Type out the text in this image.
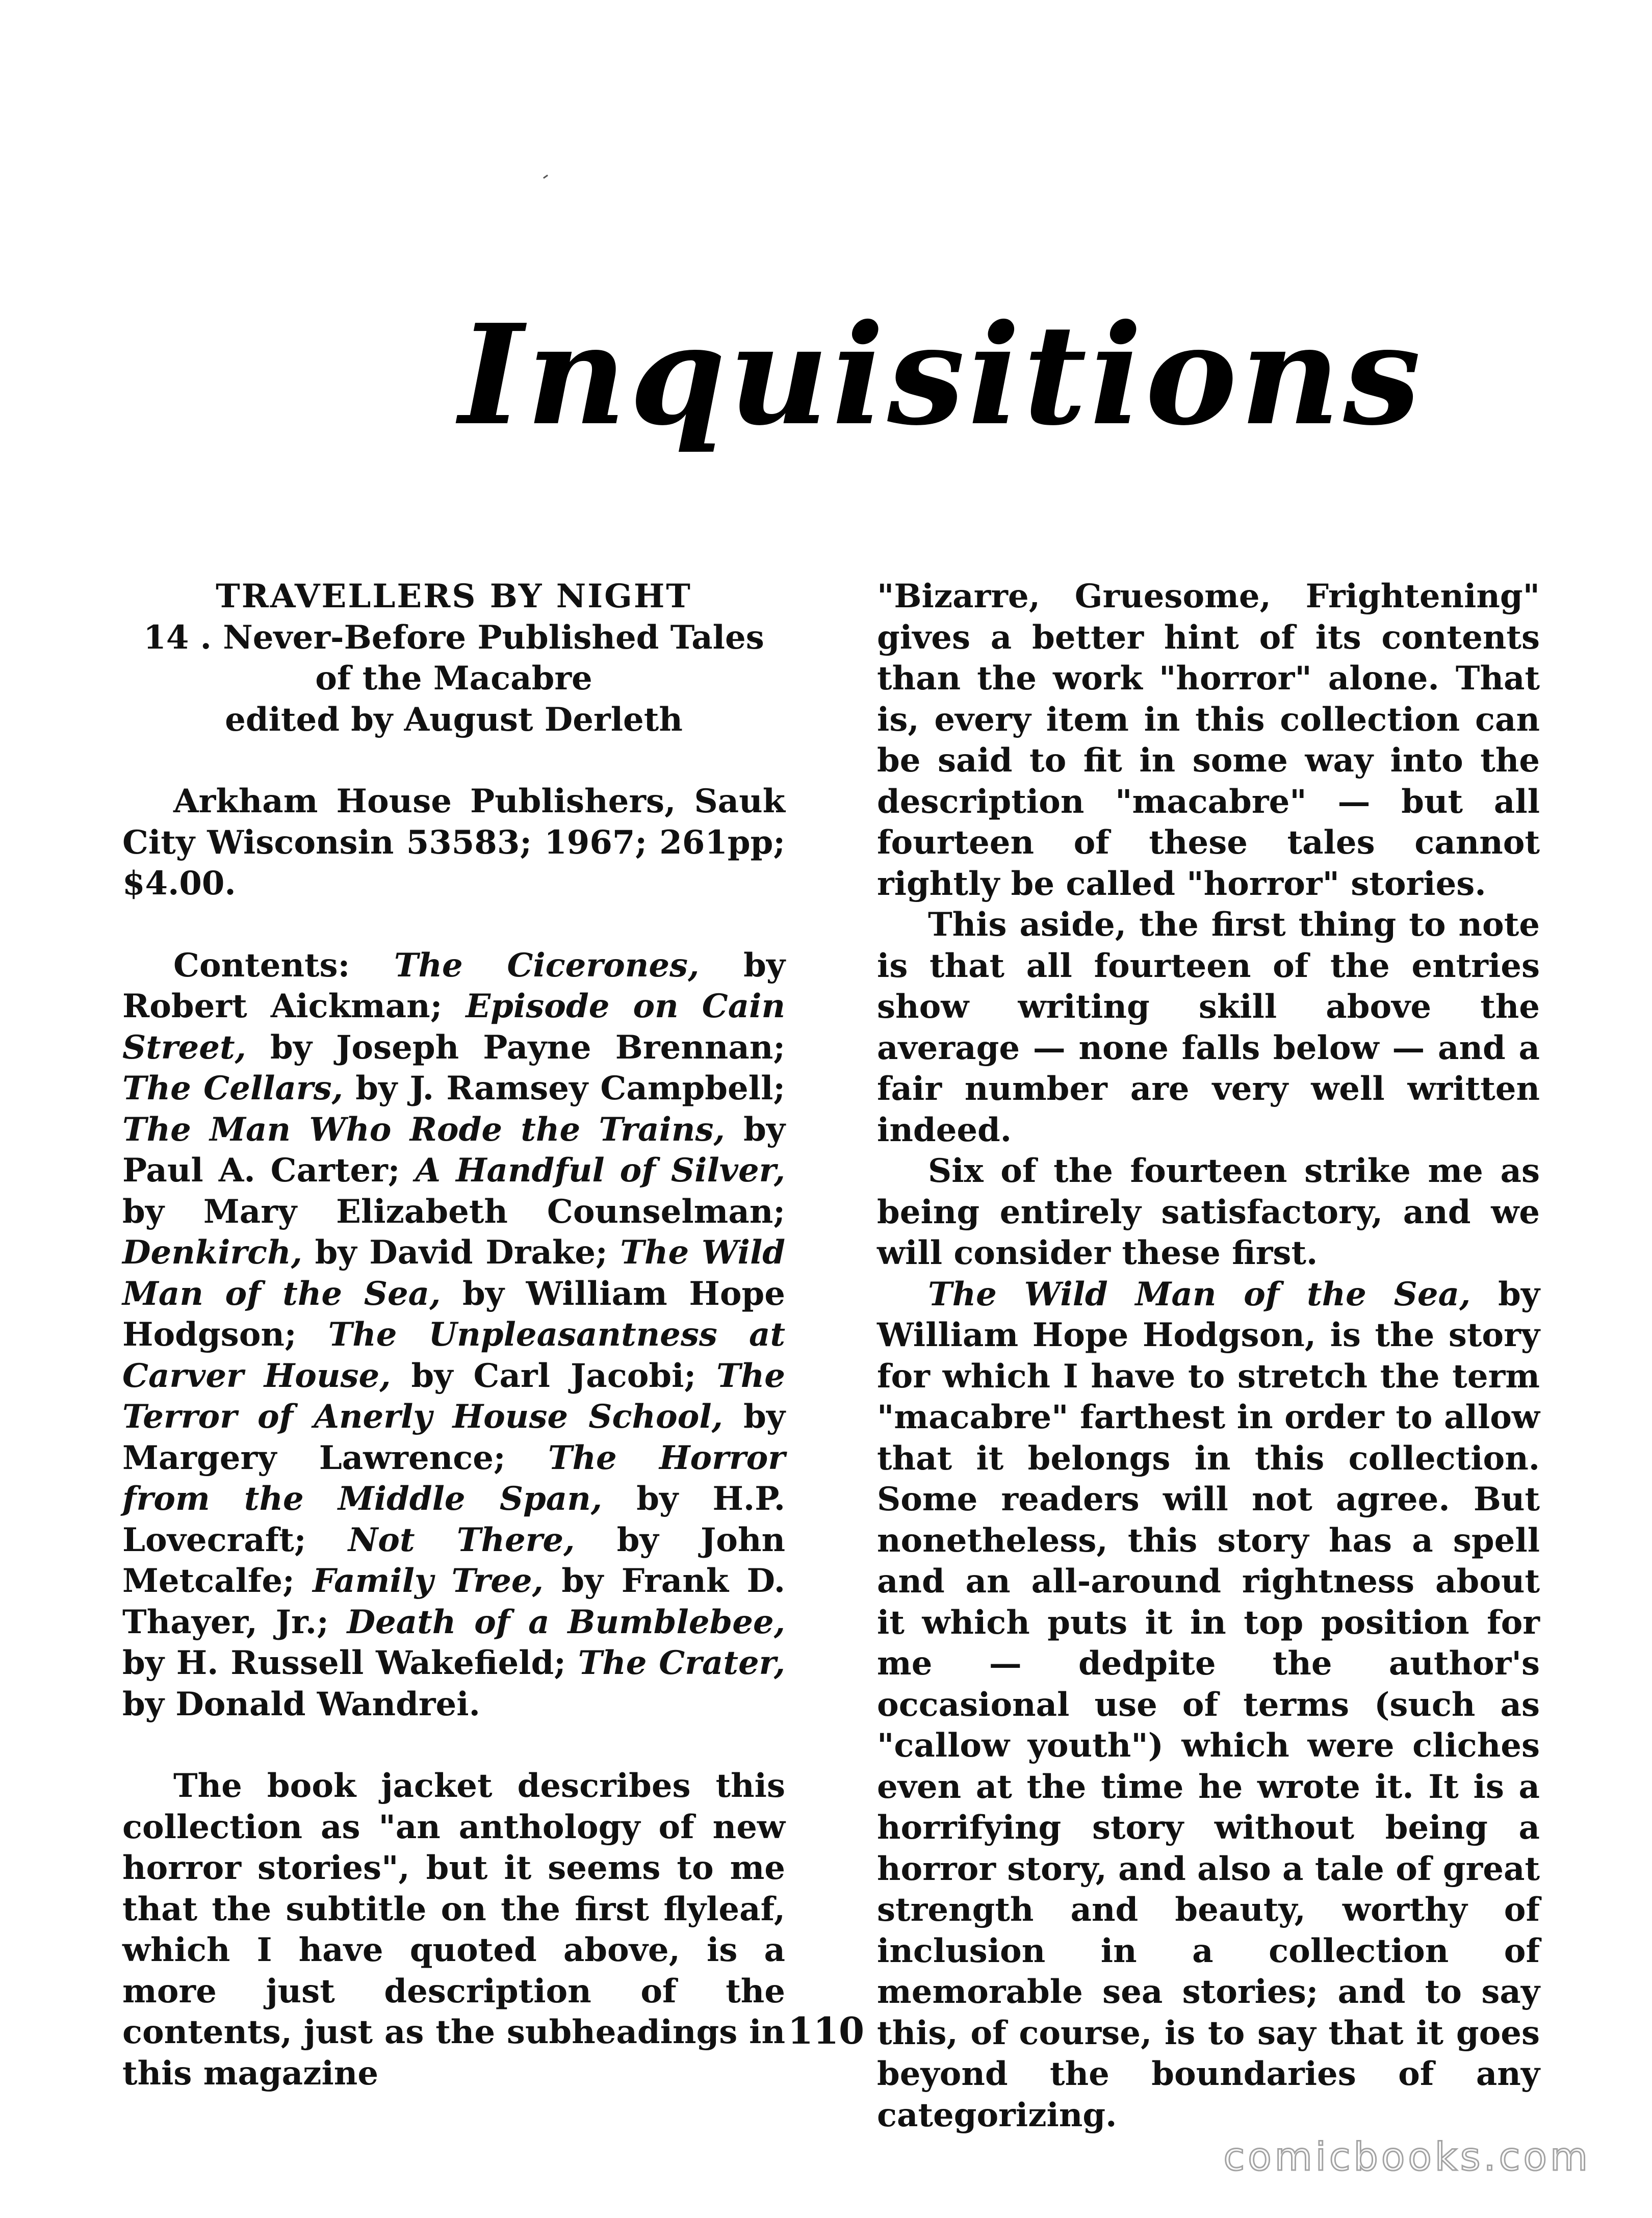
Inquisitions
TRAVELLERS BY NIGHT
14 . Never-Before Published Tales
of the Macabre
edited by August Derleth

Arkham House Publishers, Sauk City Wisconsin 53583; 1967; 261pp; $4.00.

Contents: The Cicerones, by Robert Aickman; Episode on Cain Street, by Joseph Payne Brennan; The Cellars, by J. Ramsey Campbell; The Man Who Rode the Trains, by Paul A. Carter; A Handful of Silver, by Mary Elizabeth Counselman; Denkirch, by David Drake; The Wild Man of the Sea, by William Hope Hodgson; The Unpleasantness at Carver House, by Carl Jacobi; The Terror of Anerly House School, by Margery Lawrence; The Horror from the Middle Span, by H.P. Lovecraft; Not There, by John Metcalfe; Family Tree, by Frank D. Thayer, Jr.; Death of a Bumblebee, by H. Russell Wakefield; The Crater, by Donald Wandrei.

The book jacket describes this collection as "an anthology of new horror stories", but it seems to me that the subtitle on the first flyleaf, which I have quoted above, is a more just description of the contents, just as the subheadings in this magazine

"Bizarre, Gruesome, Frightening" gives a better hint of its contents than the work "horror" alone. That is, every item in this collection can be said to fit in some way into the description "macabre" — but all fourteen of these tales cannot rightly be called "horror" stories.

This aside, the first thing to note is that all fourteen of the entries show writing skill above the average — none falls below — and a fair number are very well written indeed.

Six of the fourteen strike me as being entirely satisfactory, and we will consider these first.

The Wild Man of the Sea, by William Hope Hodgson, is the story for which I have to stretch the term "macabre" farthest in order to allow that it belongs in this collection. Some readers will not agree. But nonetheless, this story has a spell and an all-around rightness about it which puts it in top position for me — dedpite the author's occasional use of terms (such as "callow youth") which were cliches even at the time he wrote it. It is a horrifying story without being a horror story, and also a tale of great strength and beauty, worthy of inclusion in a collection of memorable sea stories; and to say this, of course, is to say that it goes beyond the boundaries of any categorizing.

110
comicbooks.com
